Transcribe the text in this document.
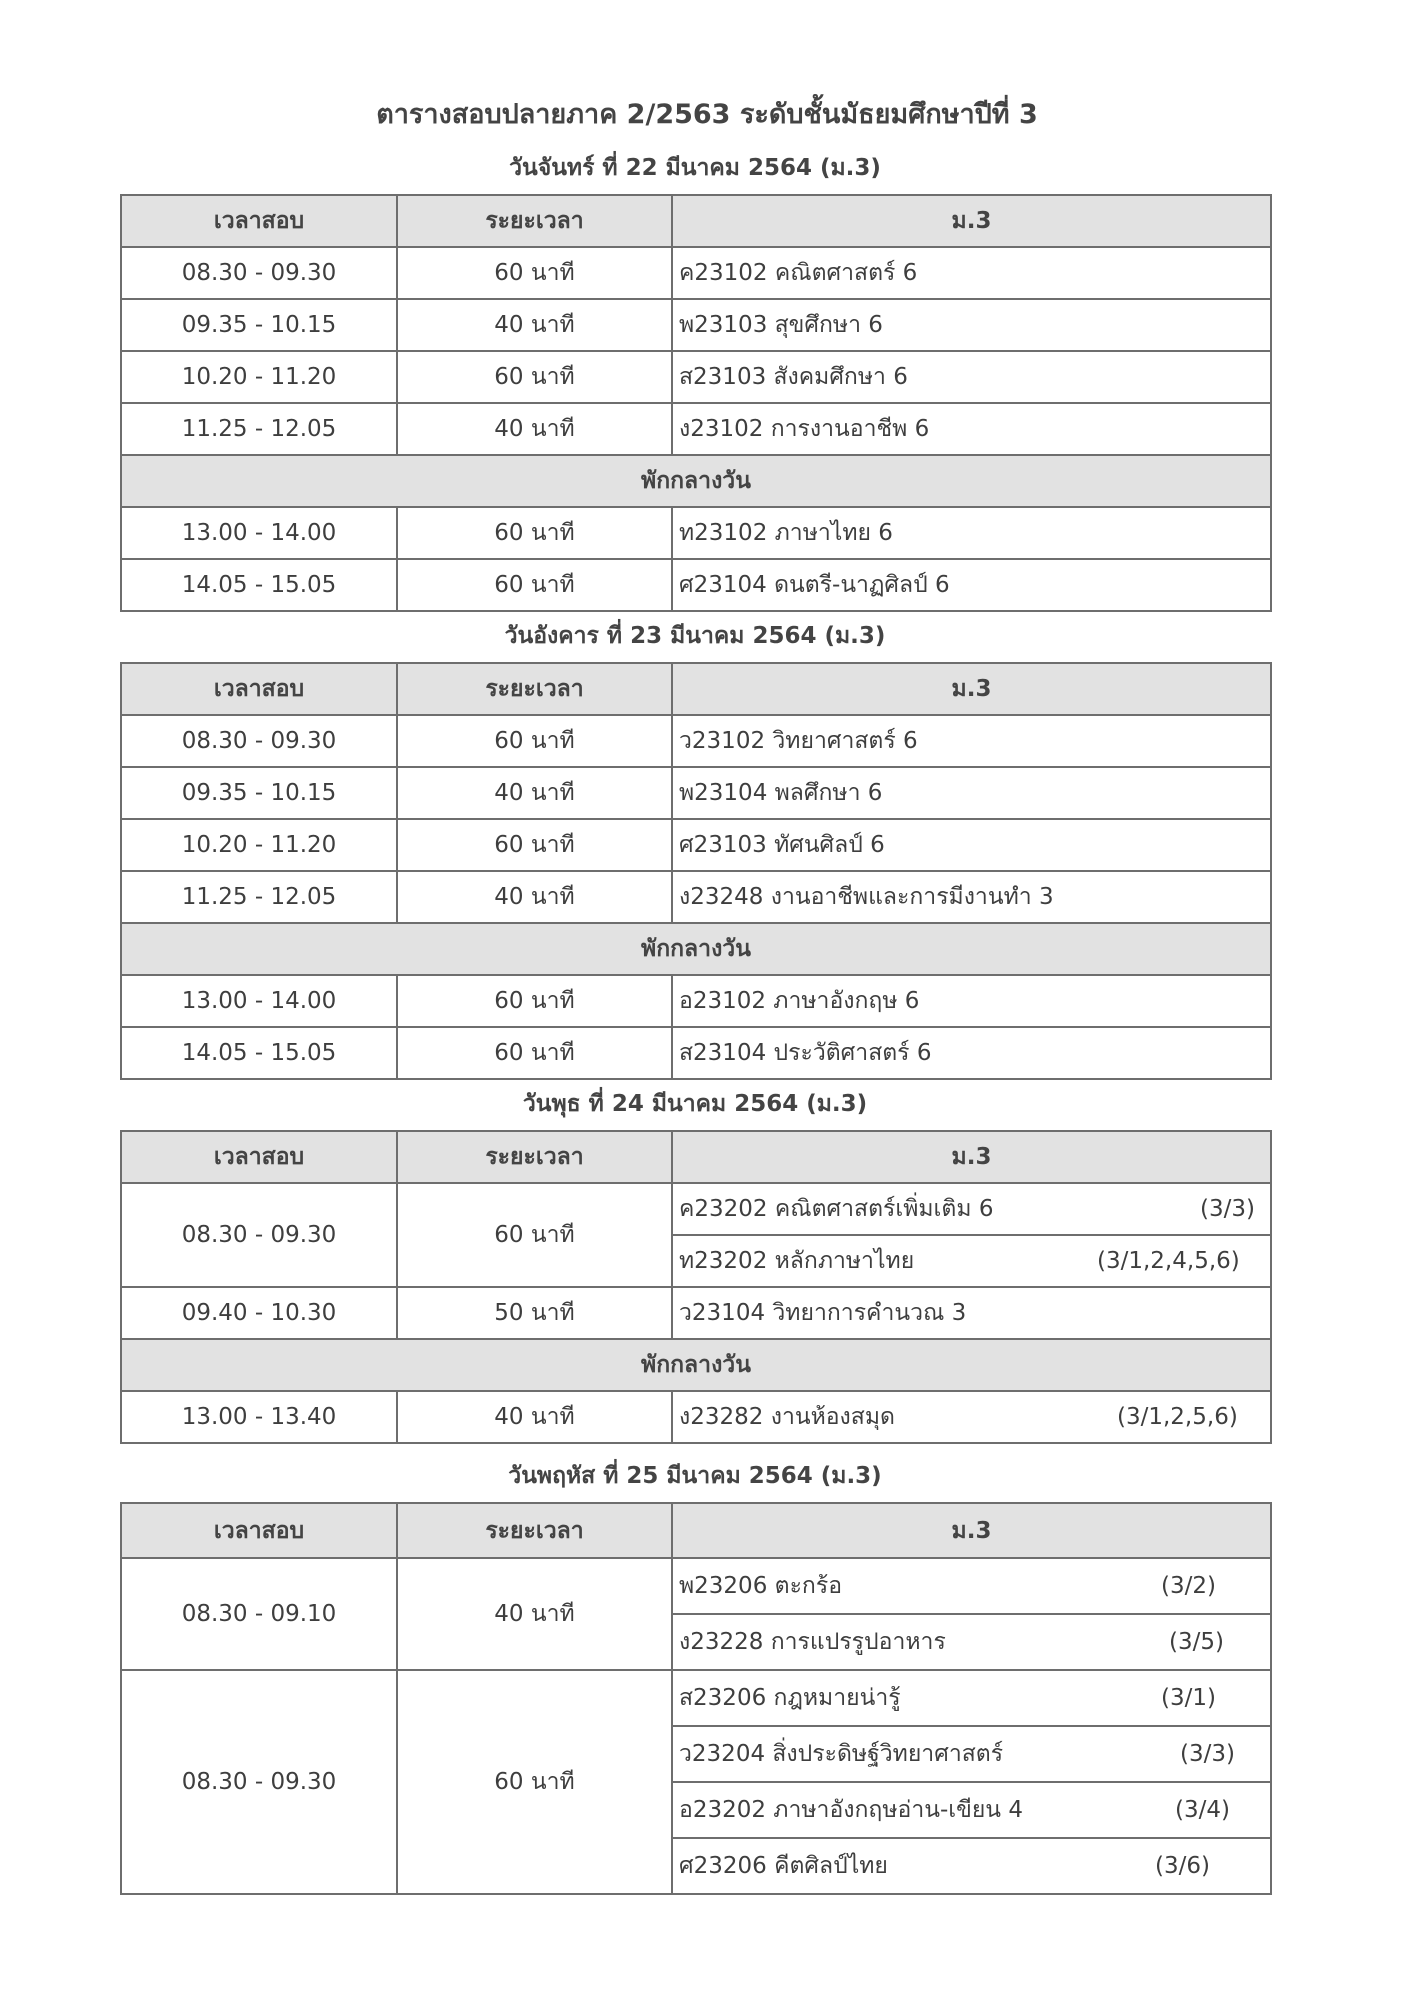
ตารางสอบปลายภาค 2/2563 ระดับชั้นมัธยมศึกษาปีที่ 3
วันจันทร์ ที่ 22 มีนาคม 2564 (ม.3)
เวลาสอบ	ระยะเวลา	ม.3
08.30 - 09.30	60 นาที	ค23102 คณิตศาสตร์ 6
09.35 - 10.15	40 นาที	พ23103 สุขศึกษา 6
10.20 - 11.20	60 นาที	ส23103 สังคมศึกษา 6
11.25 - 12.05	40 นาที	ง23102 การงานอาชีพ 6
พักกลางวัน		
13.00 - 14.00	60 นาที	ท23102 ภาษาไทย 6
14.05 - 15.05	60 นาที	ศ23104 ดนตรี-นาฏศิลป์ 6
วันอังคาร ที่ 23 มีนาคม 2564 (ม.3)
เวลาสอบ	ระยะเวลา	ม.3
08.30 - 09.30	60 นาที	ว23102 วิทยาศาสตร์ 6
09.35 - 10.15	40 นาที	พ23104 พลศึกษา 6
10.20 - 11.20	60 นาที	ศ23103 ทัศนศิลป์ 6
11.25 - 12.05	40 นาที	ง23248 งานอาชีพและการมีงานทำ 3
พักกลางวัน		
13.00 - 14.00	60 นาที	อ23102 ภาษาอังกฤษ 6
14.05 - 15.05	60 นาที	ส23104 ประวัติศาสตร์ 6
วันพุธ ที่ 24 มีนาคม 2564 (ม.3)
เวลาสอบ	ระยะเวลา	ม.3
08.30 - 09.30	60 นาที	ค23202 คณิตศาสตร์เพิ่มเติม 6 (3/3)

		ท23202 หลักภาษาไทย (3/1,2,4,5,6)

09.40 - 10.30	50 นาที	ว23104 วิทยาการคำนวณ 3
พักกลางวัน		
13.00 - 13.40	40 นาที	ง23282 งานห้องสมุด (3/1,2,5,6)
วันพฤหัส ที่ 25 มีนาคม 2564 (ม.3)
เวลาสอบ	ระยะเวลา	ม.3
08.30 - 09.10	40 นาที	พ23206 ตะกร้อ (3/2)

		ง23228 การแปรรูปอาหาร (3/5)

08.30 - 09.30	60 นาที	ส23206 กฎหมายน่ารู้ (3/1)

		ว23204 สิ่งประดิษฐ์วิทยาศาสตร์ (3/3)

		อ23202 ภาษาอังกฤษอ่าน-เขียน 4 (3/4)

		ศ23206 คีตศิลป์ไทย (3/6)
